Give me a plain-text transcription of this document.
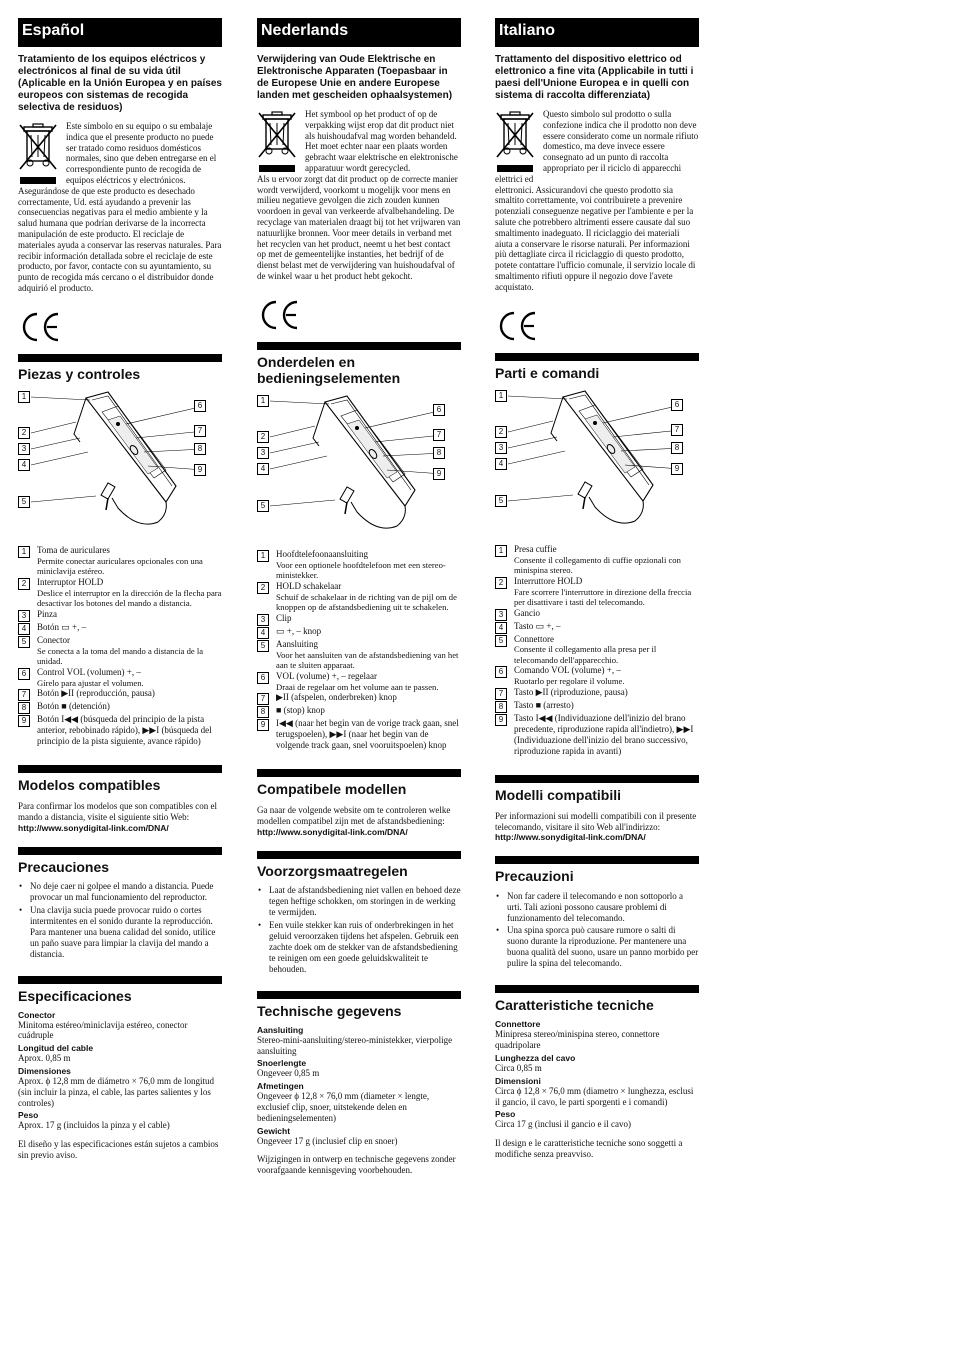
Español
Tratamiento de los equipos eléctricos y electrónicos al final de su vida útil (Aplicable en la Unión Europea y en países europeos con sistemas de recogida selectiva de residuos)

Este símbolo en su equipo o su embalaje indica que el presente producto no puede ser tratado como residuos domésticos normales, sino que deben entregarse en el correspondiente punto de recogida de equipos eléctricos y electrónicos.

Asegurándose de que este producto es desechado correctamente, Ud. está ayudando a prevenir las consecuencias negativas para el medio ambiente y la salud humana que podrían derivarse de la incorrecta manipulación de este producto. El reciclaje de materiales ayuda a conservar las reservas naturales. Para recibir información detallada sobre el reciclaje de este producto, por favor, contacte con su ayuntamiento, su punto de recogida más cercano o el distribuidor donde adquirió el producto.

Piezas y controles
1
2
3
4
5
6
7
8
9
1	Toma de auriculares
Permite conectar auriculares opcionales con una miniclavija estéreo.
2	Interruptor HOLD
Deslice el interruptor en la dirección de la flecha para desactivar los botones del mando a distancia.
3	Pinza
4	Botón ▭ +, –
5	Conector
Se conecta a la toma del mando a distancia de la unidad.
6	Control VOL (volumen) +, –
Gírelo para ajustar el volumen.
7	Botón ▶II (reproducción, pausa)
8	Botón ■ (detención)
9	Botón I◀◀ (búsqueda del principio de la pista anterior, rebobinado rápido), ▶▶I (búsqueda del principio de la pista siguiente, avance rápido)
Modelos compatibles
Para confirmar los modelos que son compatibles con el mando a distancia, visite el siguiente sitio Web:
http://www.sonydigital-link.com/DNA/
Precauciones
• No deje caer ni golpee el mando a distancia. Puede provocar un mal funcionamiento del reproductor.
• Una clavija sucia puede provocar ruido o cortes intermitentes en el sonido durante la reproducción. Para mantener una buena calidad del sonido, utilice un paño suave para limpiar la clavija del mando a distancia.
Especificaciones
Conector
Minitoma estéreo/miniclavija estéreo, conector cuádruple
Longitud del cable
Aprox. 0,85 m
Dimensiones
Aprox. ϕ 12,8 mm de diámetro × 76,0 mm de longitud (sin incluir la pinza, el cable, las partes salientes y los controles)
Peso
Aprox. 17 g (incluidos la pinza y el cable)
El diseño y las especificaciones están sujetos a cambios sin previo aviso.
Nederlands
Verwijdering van Oude Elektrische en Elektronische Apparaten (Toepasbaar in de Europese Unie en andere Europese landen met gescheiden ophaalsystemen)

Het symbool op het product of op de verpakking wijst erop dat dit product niet als huishoudafval mag worden behandeld. Het moet echter naar een plaats worden gebracht waar elektrische en elektronische apparatuur wordt gerecycled.

Als u ervoor zorgt dat dit product op de correcte manier wordt verwijderd, voorkomt u mogelijk voor mens en milieu negatieve gevolgen die zich zouden kunnen voordoen in geval van verkeerde afvalbehandeling. De recyclage van materialen draagt bij tot het vrijwaren van natuurlijke bronnen. Voor meer details in verband met het recyclen van het product, neemt u het best contact op met de gemeentelijke instanties, het bedrijf of de dienst belast met de verwijdering van huishoudafval of de winkel waar u het product hebt gekocht.

Onderdelen en bedieningselementen
1
2
3
4
5
6
7
8
9
1	Hoofdtelefoonaansluiting
Voor een optionele hoofdtelefoon met een stereo-ministekker.
2	HOLD schakelaar
Schuif de schakelaar in de richting van de pijl om de knoppen op de afstandsbediening uit te schakelen.
3	Clip
4	▭ +, – knop
5	Aansluiting
Voor het aansluiten van de afstandsbediening van het aan te sluiten apparaat.
6	VOL (volume) +, – regelaar
Draai de regelaar om het volume aan te passen.
7	▶II (afspelen, onderbreken) knop
8	■ (stop) knop
9	I◀◀ (naar het begin van de vorige track gaan, snel terugspoelen), ▶▶I (naar het begin van de volgende track gaan, snel vooruitspoelen) knop
Compatibele modellen
Ga naar de volgende website om te controleren welke modellen compatibel zijn met de afstandsbediening:
http://www.sonydigital-link.com/DNA/
Voorzorgsmaatregelen
• Laat de afstandsbediening niet vallen en behoed deze tegen heftige schokken, om storingen in de werking te vermijden.
• Een vuile stekker kan ruis of onderbrekingen in het geluid veroorzaken tijdens het afspelen. Gebruik een zachte doek om de stekker van de afstandsbediening te reinigen om een goede geluidskwaliteit te behouden.
Technische gegevens
Aansluiting
Stereo-mini-aansluiting/stereo-ministekker, vierpolige aansluiting
Snoerlengte
Ongeveer 0,85 m
Afmetingen
Ongeveer ϕ 12,8 × 76,0 mm (diameter × lengte, exclusief clip, snoer, uitstekende delen en bedieningselementen)
Gewicht
Ongeveer 17 g (inclusief clip en snoer)
Wijzigingen in ontwerp en technische gegevens zonder voorafgaande kennisgeving voorbehouden.
Italiano
Trattamento del dispositivo elettrico od elettronico a fine vita (Applicabile in tutti i paesi dell'Unione Europea e in quelli con sistema di raccolta differenziata)

Questo simbolo sul prodotto o sulla confezione indica che il prodotto non deve essere considerato come un normale rifiuto domestico, ma deve invece essere consegnato ad un punto di raccolta appropriato per il riciclo di apparecchi elettrici ed

elettronici. Assicurandovi che questo prodotto sia smaltito correttamente, voi contribuirete a prevenire potenziali conseguenze negative per l'ambiente e per la salute che potrebbero altrimenti essere causate dal suo smaltimento inadeguato. Il riciclaggio dei materiali aiuta a conservare le risorse naturali. Per informazioni più dettagliate circa il riciclaggio di questo prodotto, potete contattare l'ufficio comunale, il servizio locale di smaltimento rifiuti oppure il negozio dove l'avete acquistato.

Parti e comandi
1
2
3
4
5
6
7
8
9
1	Presa cuffie
Consente il collegamento di cuffie opzionali con minispina stereo.
2	Interruttore HOLD
Fare scorrere l'interruttore in direzione della freccia per disattivare i tasti del telecomando.
3	Gancio
4	Tasto ▭ +, –
5	Connettore
Consente il collegamento alla presa per il telecomando dell'apparecchio.
6	Comando VOL (volume) +, –
Ruotarlo per regolare il volume.
7	Tasto ▶II (riproduzione, pausa)
8	Tasto ■ (arresto)
9	Tasto I◀◀ (Individuazione dell'inizio del brano precedente, riproduzione rapida all'indietro), ▶▶I (Individuazione dell'inizio del brano successivo, riproduzione rapida in avanti)
Modelli compatibili
Per informazioni sui modelli compatibili con il presente telecomando, visitare il sito Web all'indirizzo:
http://www.sonydigital-link.com/DNA/
Precauzioni
• Non far cadere il telecomando e non sottoporlo a urti. Tali azioni possono causare problemi di funzionamento del telecomando.
• Una spina sporca può causare rumore o salti di suono durante la riproduzione. Per mantenere una buona qualità del suono, usare un panno morbido per pulire la spina del telecomando.
Caratteristiche tecniche
Connettore
Minipresa stereo/minispina stereo, connettore quadripolare
Lunghezza del cavo
Circa 0,85 m
Dimensioni
Circa ϕ 12,8 × 76,0 mm (diametro × lunghezza, esclusi il gancio, il cavo, le parti sporgenti e i comandi)
Peso
Circa 17 g (inclusi il gancio e il cavo)
Il design e le caratteristiche tecniche sono soggetti a modifiche senza preavviso.
